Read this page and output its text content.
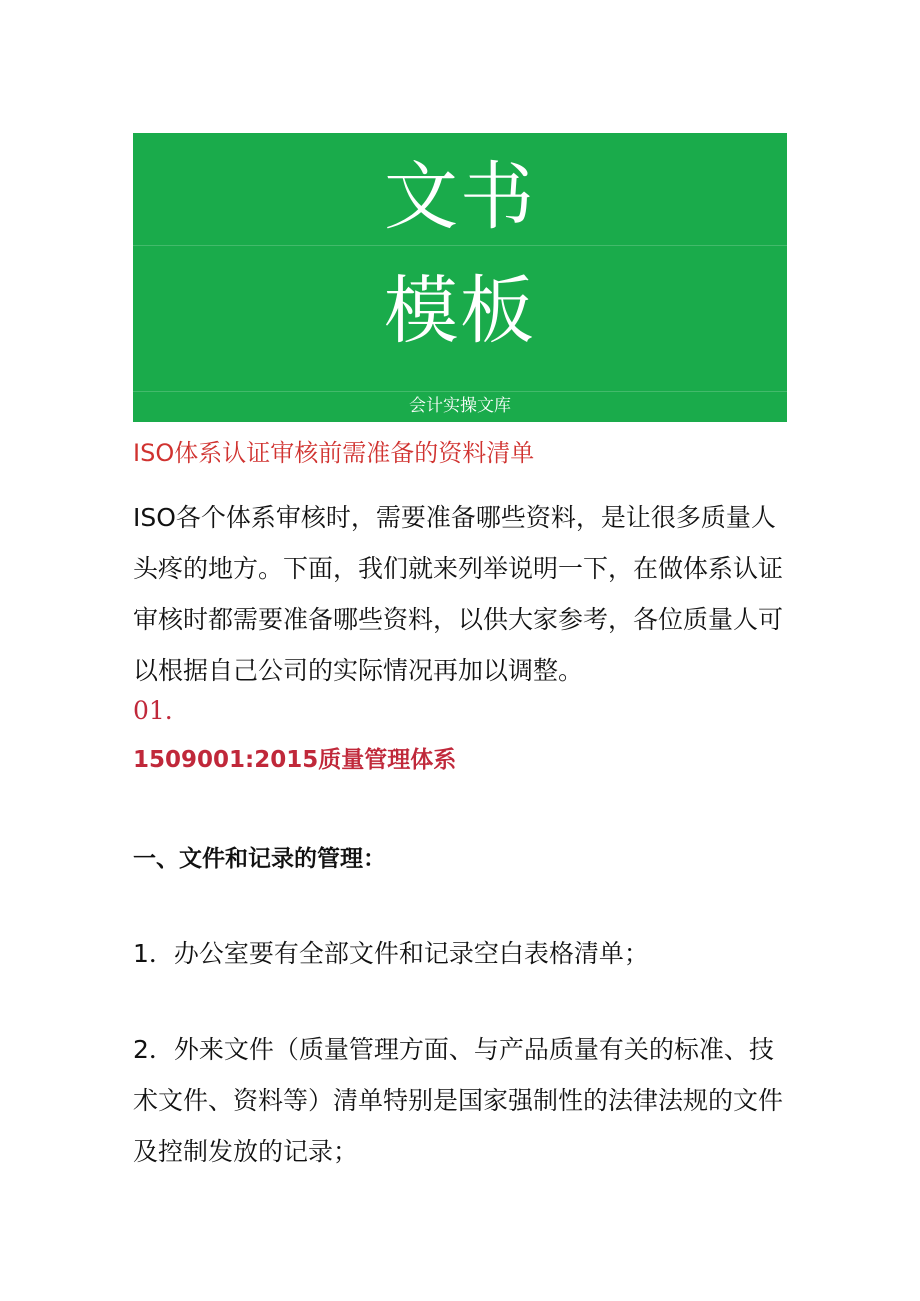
文书
模板
会计实操文库
ISO体系认证审核前需准备的资料清单
ISO各个体系审核时，需要准备哪些资料，是让很多质量人头疼的地方。下面，我们就来列举说明一下，在做体系认证审核时都需要准备哪些资料，以供大家参考，各位质量人可以根据自己公司的实际情况再加以调整。
01.
1509001:2015质量管理体系
一、文件和记录的管理：
1．办公室要有全部文件和记录空白表格清单；
2．外来文件（质量管理方面、与产品质量有关的标准、技术文件、资料等）清单特别是国家强制性的法律法规的文件及控制发放的记录；
